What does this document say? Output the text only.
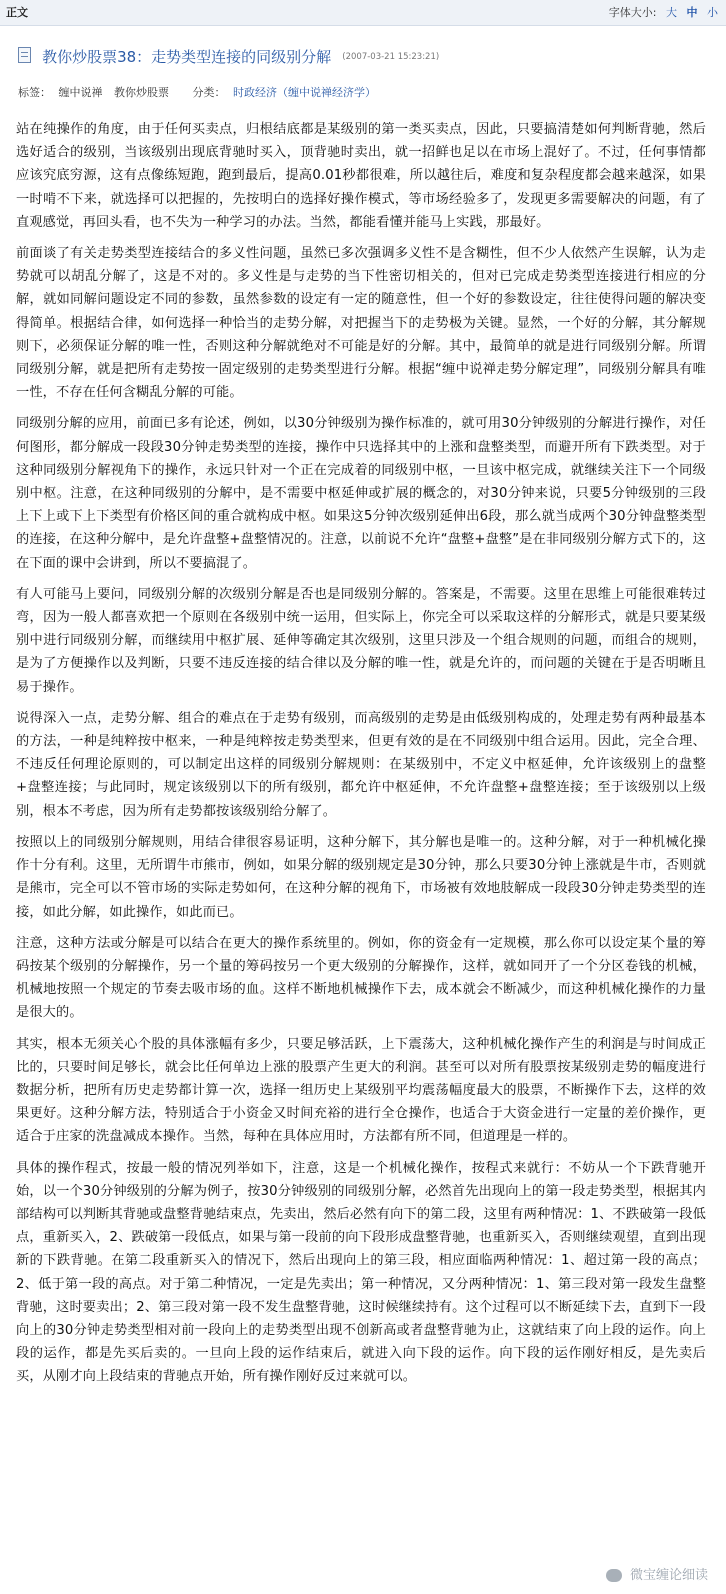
正文	字体大小: 大 中 小
教你炒股票38：走势类型连接的同级别分解 (2007-03-21 15:23:21)
标签： 缠中说禅 教你炒股票 分类： 时政经济（缠中说禅经济学）

站在纯操作的角度，由于任何买卖点，归根结底都是某级别的第一类买卖点，因此，只要搞清楚如何判断背驰，然后选好适合的级别，当该级别出现底背驰时买入，顶背驰时卖出，就一招鲜也足以在市场上混好了。不过，任何事情都应该究底穷源，这有点像练短跑，跑到最后，提高0.01秒都很难，所以越往后，难度和复杂程度都会越来越深，如果一时啃不下来，就选择可以把握的，先按明白的选择好操作模式，等市场经验多了，发现更多需要解决的问题，有了直观感觉，再回头看，也不失为一种学习的办法。当然，都能看懂并能马上实践，那最好。

前面谈了有关走势类型连接结合的多义性问题，虽然已多次强调多义性不是含糊性，但不少人依然产生误解，认为走势就可以胡乱分解了，这是不对的。多义性是与走势的当下性密切相关的，但对已完成走势类型连接进行相应的分解，就如同解问题设定不同的参数，虽然参数的设定有一定的随意性，但一个好的参数设定，往往使得问题的解决变得简单。根据结合律，如何选择一种恰当的走势分解，对把握当下的走势极为关键。显然，一个好的分解，其分解规则下，必须保证分解的唯一性，否则这种分解就绝对不可能是好的分解。其中，最简单的就是进行同级别分解。所谓同级别分解，就是把所有走势按一固定级别的走势类型进行分解。根据“缠中说禅走势分解定理”，同级别分解具有唯一性，不存在任何含糊乱分解的可能。

同级别分解的应用，前面已多有论述，例如，以30分钟级别为操作标准的，就可用30分钟级别的分解进行操作，对任何图形，都分解成一段段30分钟走势类型的连接，操作中只选择其中的上涨和盘整类型，而避开所有下跌类型。对于这种同级别分解视角下的操作，永远只针对一个正在完成着的同级别中枢，一旦该中枢完成，就继续关注下一个同级别中枢。注意，在这种同级别的分解中，是不需要中枢延伸或扩展的概念的，对30分钟来说，只要5分钟级别的三段上下上或下上下类型有价格区间的重合就构成中枢。如果这5分钟次级别延伸出6段，那么就当成两个30分钟盘整类型的连接，在这种分解中，是允许盘整+盘整情况的。注意，以前说不允许“盘整+盘整”是在非同级别分解方式下的，这在下面的课中会讲到，所以不要搞混了。

有人可能马上要问，同级别分解的次级别分解是否也是同级别分解的。答案是，不需要。这里在思维上可能很难转过弯，因为一般人都喜欢把一个原则在各级别中统一运用，但实际上，你完全可以采取这样的分解形式，就是只要某级别中进行同级别分解，而继续用中枢扩展、延伸等确定其次级别，这里只涉及一个组合规则的问题，而组合的规则，是为了方便操作以及判断，只要不违反连接的结合律以及分解的唯一性，就是允许的，而问题的关键在于是否明晰且易于操作。

说得深入一点，走势分解、组合的难点在于走势有级别，而高级别的走势是由低级别构成的，处理走势有两种最基本的方法，一种是纯粹按中枢来，一种是纯粹按走势类型来，但更有效的是在不同级别中组合运用。因此，完全合理、不违反任何理论原则的，可以制定出这样的同级别分解规则：在某级别中，不定义中枢延伸，允许该级别上的盘整+盘整连接；与此同时，规定该级别以下的所有级别，都允许中枢延伸，不允许盘整+盘整连接；至于该级别以上级别，根本不考虑，因为所有走势都按该级别给分解了。

按照以上的同级别分解规则，用结合律很容易证明，这种分解下，其分解也是唯一的。这种分解，对于一种机械化操作十分有利。这里，无所谓牛市熊市，例如，如果分解的级别规定是30分钟，那么只要30分钟上涨就是牛市，否则就是熊市，完全可以不管市场的实际走势如何，在这种分解的视角下，市场被有效地肢解成一段段30分钟走势类型的连接，如此分解，如此操作，如此而已。

注意，这种方法或分解是可以结合在更大的操作系统里的。例如，你的资金有一定规模，那么你可以设定某个量的筹码按某个级别的分解操作，另一个量的筹码按另一个更大级别的分解操作，这样，就如同开了一个分区卷钱的机械，机械地按照一个规定的节奏去吸市场的血。这样不断地机械操作下去，成本就会不断减少，而这种机械化操作的力量是很大的。

其实，根本无须关心个股的具体涨幅有多少，只要足够活跃，上下震荡大，这种机械化操作产生的利润是与时间成正比的，只要时间足够长，就会比任何单边上涨的股票产生更大的利润。甚至可以对所有股票按某级别走势的幅度进行数据分析，把所有历史走势都计算一次，选择一组历史上某级别平均震荡幅度最大的股票，不断操作下去，这样的效果更好。这种分解方法，特别适合于小资金又时间充裕的进行全仓操作，也适合于大资金进行一定量的差价操作，更适合于庄家的洗盘减成本操作。当然，每种在具体应用时，方法都有所不同，但道理是一样的。

具体的操作程式，按最一般的情况列举如下，注意，这是一个机械化操作，按程式来就行：不妨从一个下跌背驰开始，以一个30分钟级别的分解为例子，按30分钟级别的同级别分解，必然首先出现向上的第一段走势类型，根据其内部结构可以判断其背驰或盘整背驰结束点，先卖出，然后必然有向下的第二段，这里有两种情况：1、不跌破第一段低点，重新买入，2、跌破第一段低点，如果与第一段前的向下段形成盘整背驰，也重新买入，否则继续观望，直到出现新的下跌背驰。在第二段重新买入的情况下，然后出现向上的第三段，相应面临两种情况：1、超过第一段的高点；2、低于第一段的高点。对于第二种情况，一定是先卖出；第一种情况，又分两种情况：1、第三段对第一段发生盘整背驰，这时要卖出；2、第三段对第一段不发生盘整背驰，这时候继续持有。这个过程可以不断延续下去，直到下一段向上的30分钟走势类型相对前一段向上的走势类型出现不创新高或者盘整背驰为止，这就结束了向上段的运作。向上段的运作，都是先买后卖的。一旦向上段的运作结束后，就进入向下段的运作。向下段的运作刚好相反，是先卖后买，从刚才向上段结束的背驰点开始，所有操作刚好反过来就可以。

微宝缠论细读
